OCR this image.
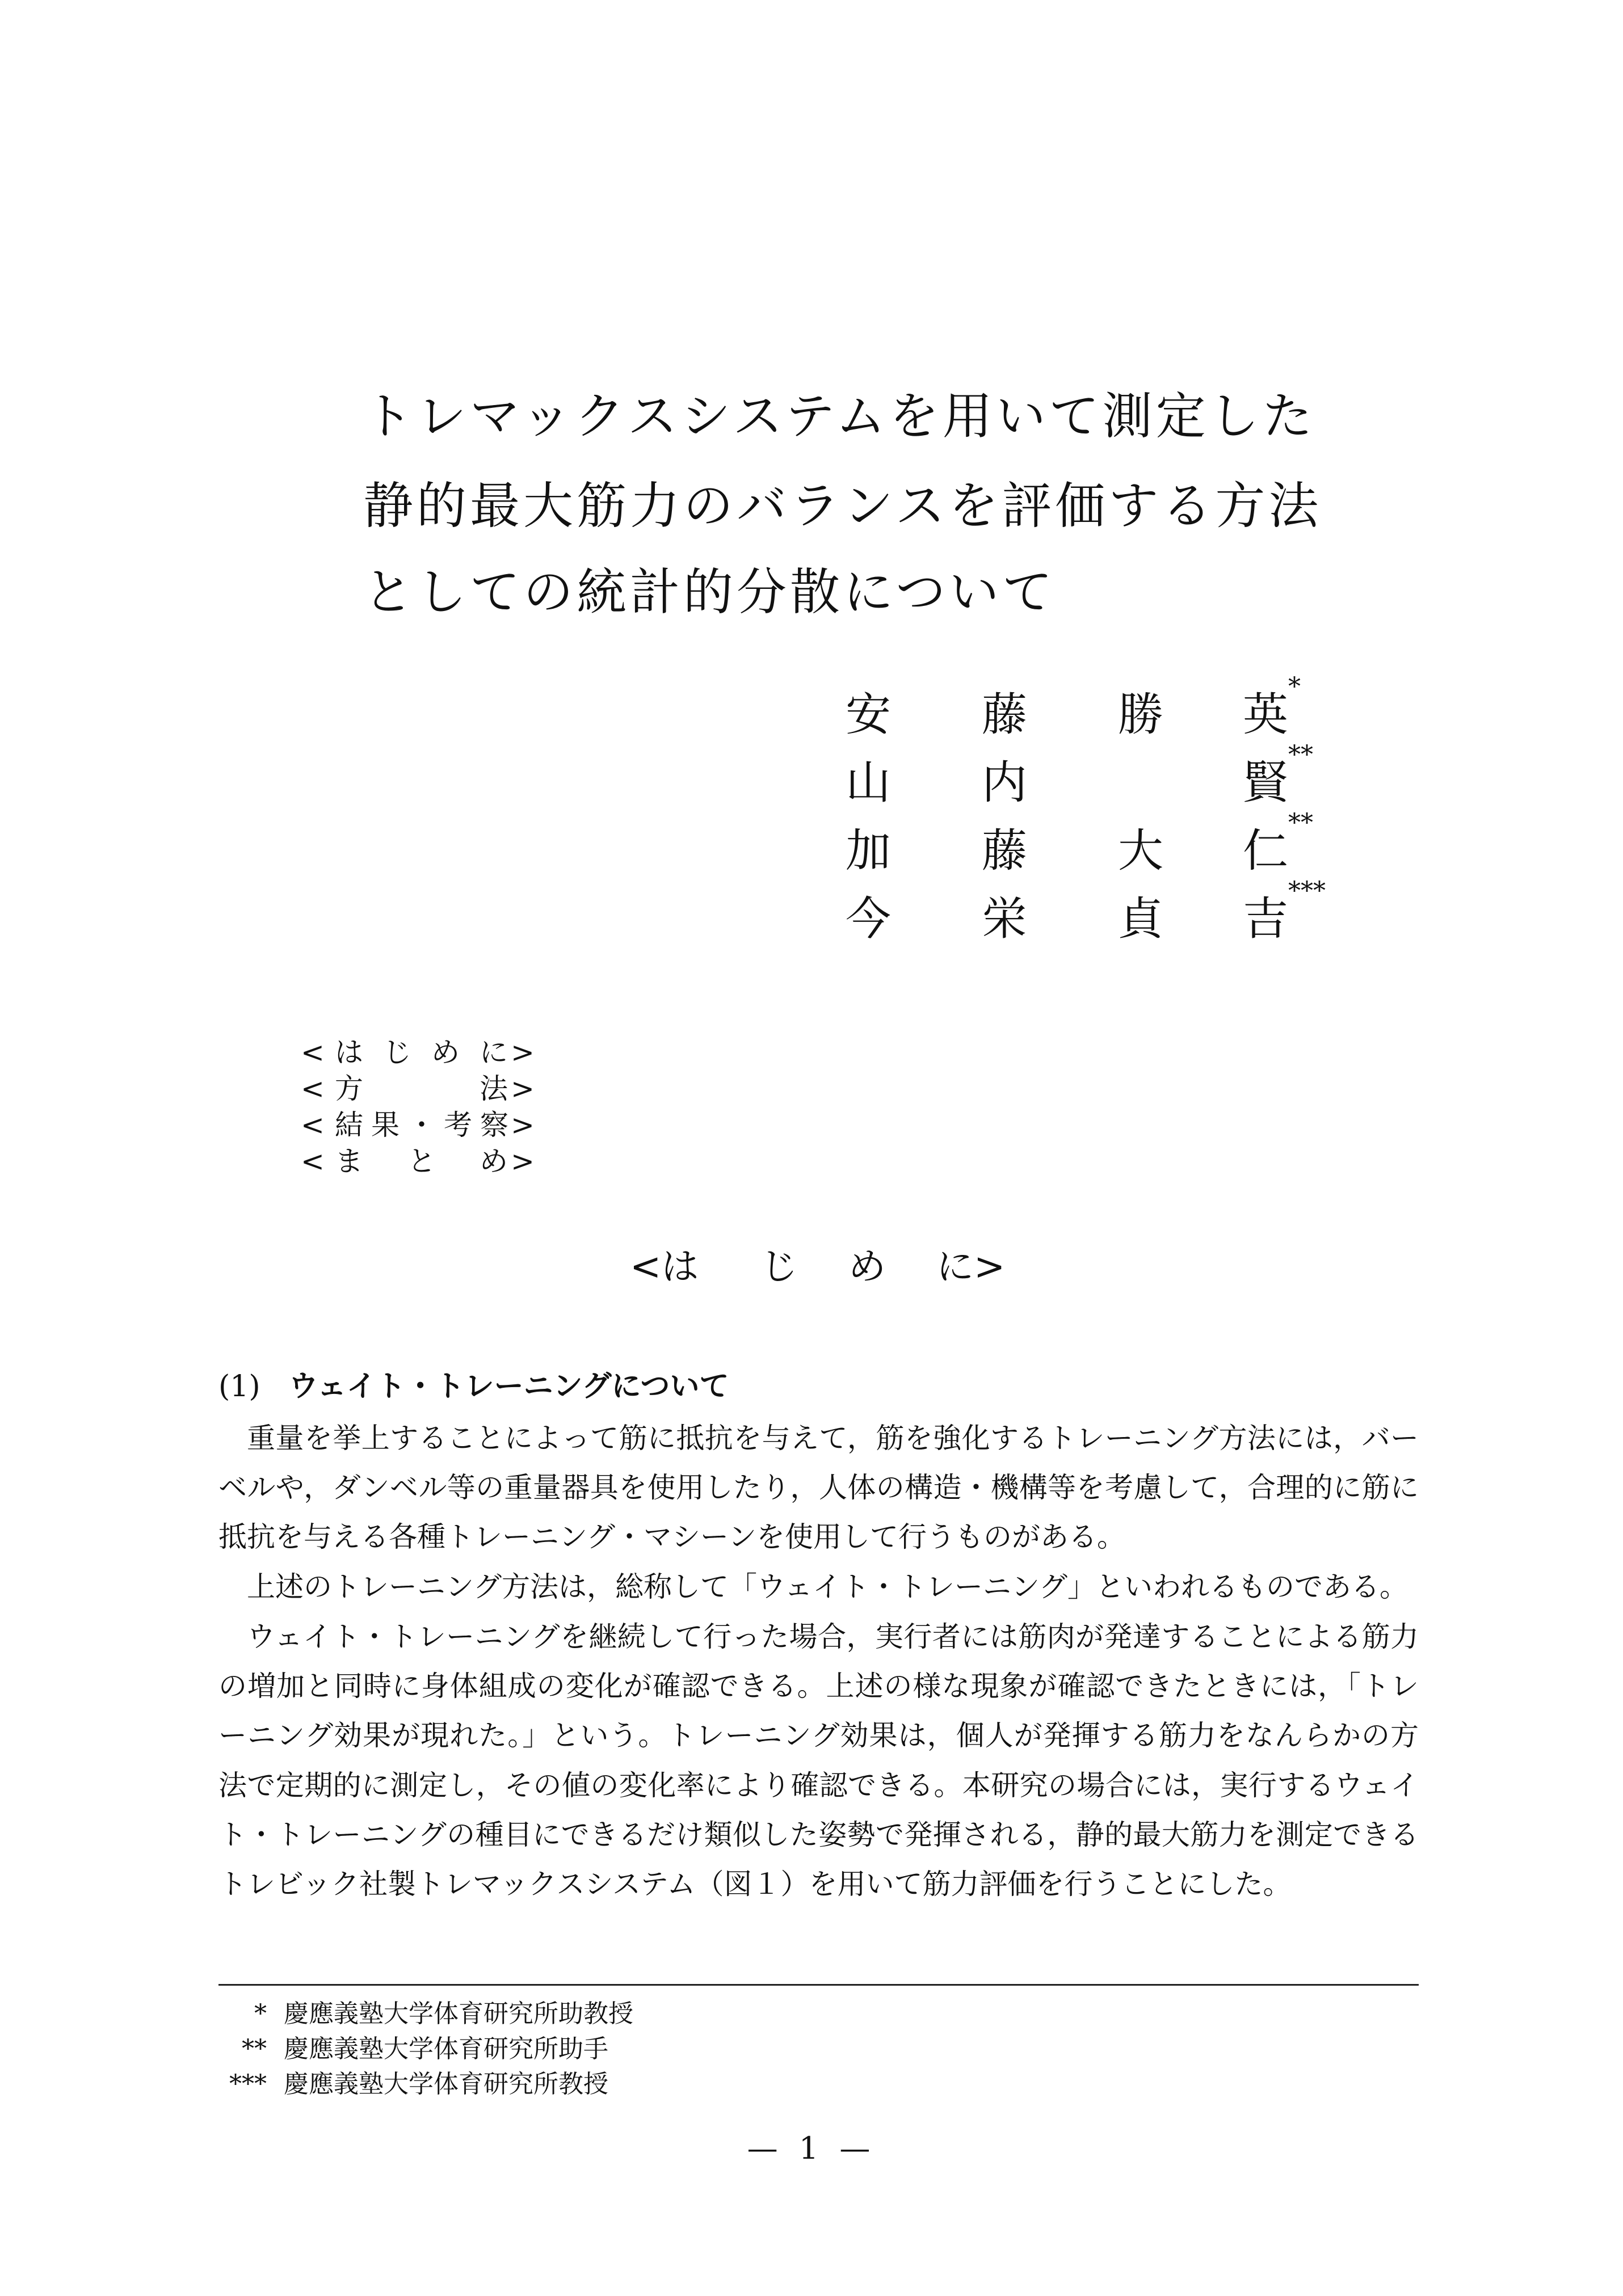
トレマックスシステムを用いて測定した
静的最大筋力のバランスを評価する方法
としての統計的分散について
安 藤 勝 英*
山 内	賢**
加 藤 大 仁**
今 栄 貞 吉***
< は じ め に >
< 方	法 >
< 結 果 ・ 考 察 >
< ま と め >
<は じ め に>
(1) ウェイト・トレーニングについて
重量を挙上することによって筋に抵抗を与えて，筋を強化するトレーニング方法には，バー
ベルや，ダンベル等の重量器具を使用したり，人体の構造・機構等を考慮して，合理的に筋に
抵抗を与える各種トレーニング・マシーンを使用して行うものがある。
上述のトレーニング方法は，総称して「ウェイト・トレーニング」といわれるものである。
ウェイト・トレーニングを継続して行った場合，実行者には筋肉が発達することによる筋力
の増加と同時に身体組成の変化が確認できる。上述の様な現象が確認できたときには，「トレ
ーニング効果が現れた。」という。トレーニング効果は，個人が発揮する筋力をなんらかの方
法で定期的に測定し，その値の変化率により確認できる。本研究の場合には，実行するウェイ
ト・トレーニングの種目にできるだけ類似した姿勢で発揮される，静的最大筋力を測定できる
トレビック社製トレマックスシステム（図１）を用いて筋力評価を行うことにした。
* 慶應義塾大学体育研究所助教授
** 慶應義塾大学体育研究所助手
*** 慶應義塾大学体育研究所教授
— 1 —
